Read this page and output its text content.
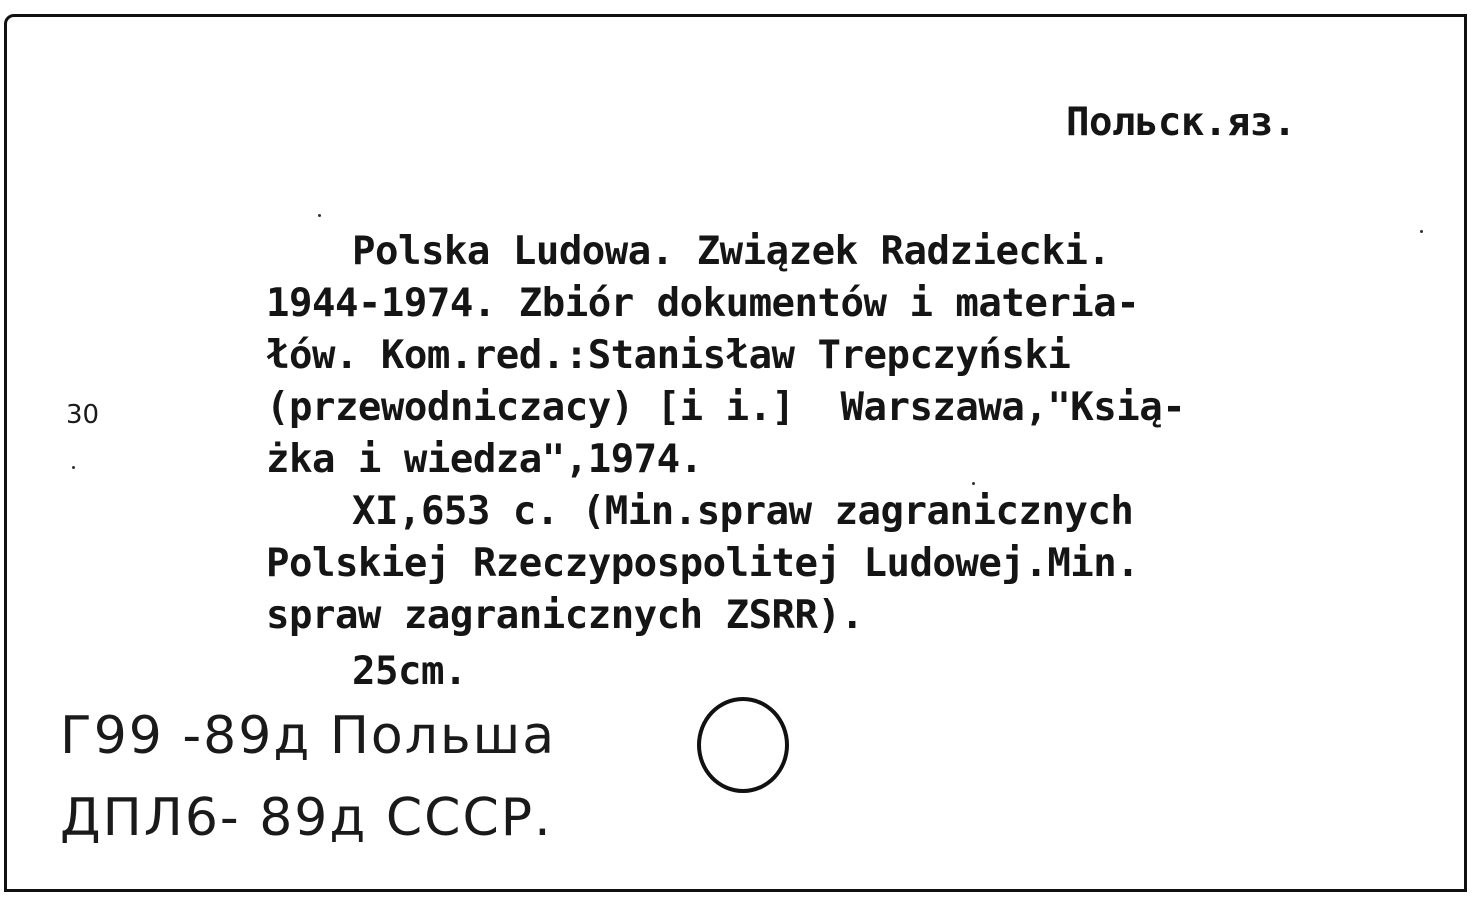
Польск.яз.
Polska Ludowa. Związek Radziecki.
1944-1974. Zbiór dokumentów i materia-
łów. Kom.red.:Stanisław Trepczyński
(przewodniczacy) [i i.]  Warszawa,"Ksią-
żka i wiedza",1974.
XI,653 c. (Min.spraw zagranicznych
Polskiej Rzeczypospolitej Ludowej.Min.
spraw zagranicznych ZSRR).
25cm.
30
Г99 -89д Польша
ДПЛ6- 89д СССР.
